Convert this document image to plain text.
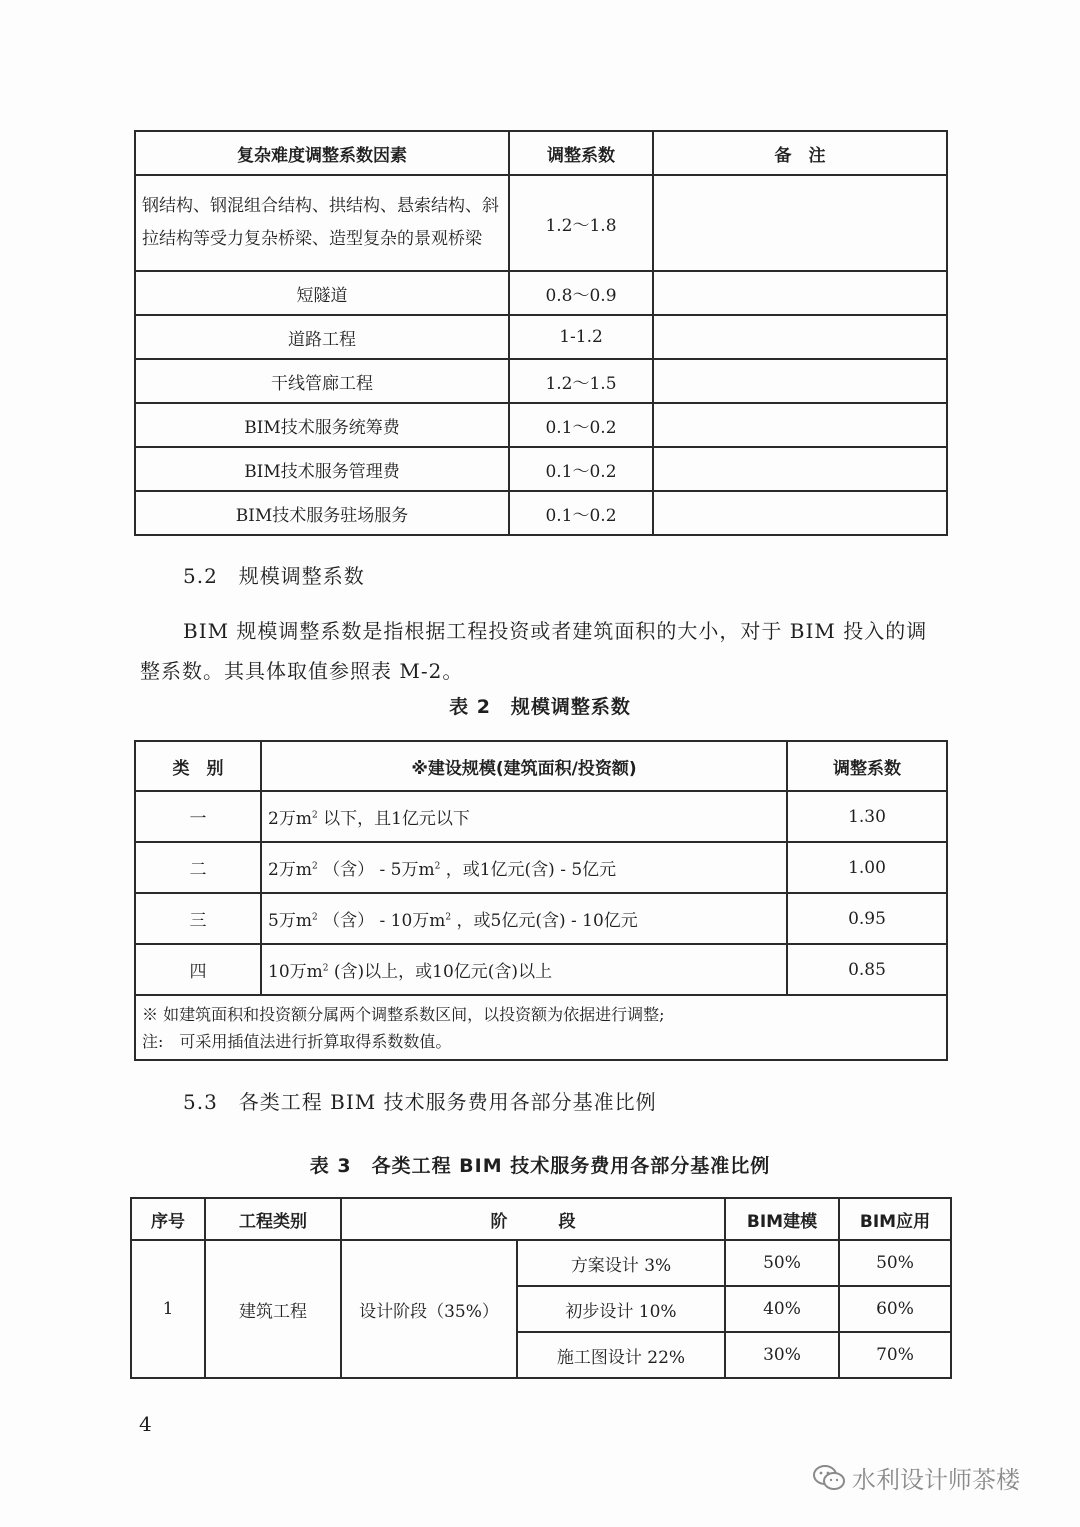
复杂难度调整系数因素	调整系数	备　注
钢结构、钢混组合结构、拱结构、悬索结构、斜拉结构等受力复杂桥梁、造型复杂的景观桥梁	1.2～1.8	
短隧道	0.8～0.9	
道路工程	1-1.2	
干线管廊工程	1.2～1.5	
BIM技术服务统筹费	0.1～0.2	
BIM技术服务管理费	0.1～0.2	
BIM技术服务驻场服务	0.1～0.2	
5.2　规模调整系数
BIM 规模调整系数是指根据工程投资或者建筑面积的大小，对于 BIM 投入的调整系数。其具体取值参照表 M-2。
表 2　规模调整系数
类　别	※建设规模(建筑面积/投资额)	调整系数
一	2万$m^2$ 以下，且1亿元以下	1.30
二	2万$m^2$ （含） - 5万$m^2$ ，或1亿元(含) - 5亿元	1.00
三	5万$m^2$ （含） - 10万$m^2$ ，或5亿元(含) - 10亿元	0.95
四	10万$m^2$ (含)以上，或10亿元(含)以上	0.85

※ 如建筑面积和投资额分属两个调整系数区间，以投资额为依据进行调整;
注:　可采用插值法进行折算取得系数数值。		
5.3　各类工程 BIM 技术服务费用各部分基准比例
表 3　各类工程 BIM 技术服务费用各部分基准比例
序号	工程类别	阶　　　段		BIM建模	BIM应用
1	建筑工程	设计阶段（35%）	方案设计 3%	50%	50%
			初步设计 10%	40%	60%
			施工图设计 22%	30%	70%
4
水利设计师茶楼
